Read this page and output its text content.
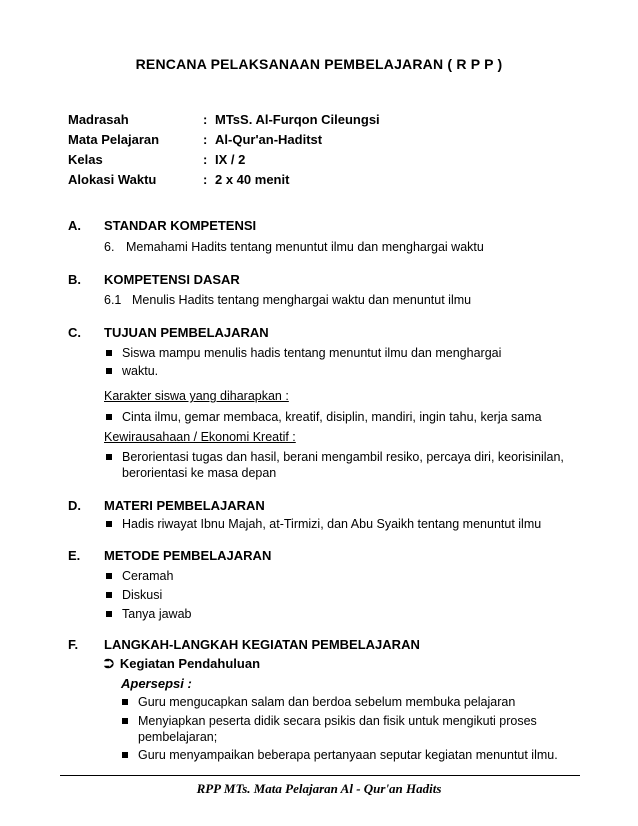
RENCANA PELAKSANAAN PEMBELAJARAN ( R P P )
Madrasah	: MTsS. Al-Furqon Cileungsi
Mata Pelajaran	: Al-Qur'an-Haditst
Kelas	: IX / 2
Alokasi Waktu	: 2 x 40 menit
A. STANDAR KOMPETENSI
6. Memahami Hadits tentang menuntut ilmu dan menghargai waktu
B. KOMPETENSI DASAR
6.1 Menulis Hadits tentang menghargai waktu dan menuntut ilmu
C. TUJUAN PEMBELAJARAN
Siswa mampu menulis hadis tentang menuntut ilmu dan menghargai
waktu.
Karakter siswa yang diharapkan :
Cinta ilmu, gemar membaca, kreatif, disiplin, mandiri, ingin tahu, kerja sama
Kewirausahaan / Ekonomi Kreatif :
Berorientasi tugas dan hasil, berani mengambil resiko, percaya diri, keorisinilan,
berorientasi ke masa depan
D. MATERI PEMBELAJARAN
Hadis riwayat Ibnu Majah, at-Tirmizi, dan Abu Syaikh tentang menuntut ilmu
E. METODE PEMBELAJARAN
Ceramah
Diskusi
Tanya jawab
F. LANGKAH-LANGKAH KEGIATAN PEMBELAJARAN
⮊ Kegiatan Pendahuluan
Apersepsi :
Guru mengucapkan salam dan berdoa sebelum membuka pelajaran
Menyiapkan peserta didik secara psikis dan fisik untuk mengikuti proses
pembelajaran;
Guru menyampaikan beberapa pertanyaan seputar kegiatan menuntut ilmu.
RPP MTs. Mata Pelajaran Al - Qur'an Hadits
